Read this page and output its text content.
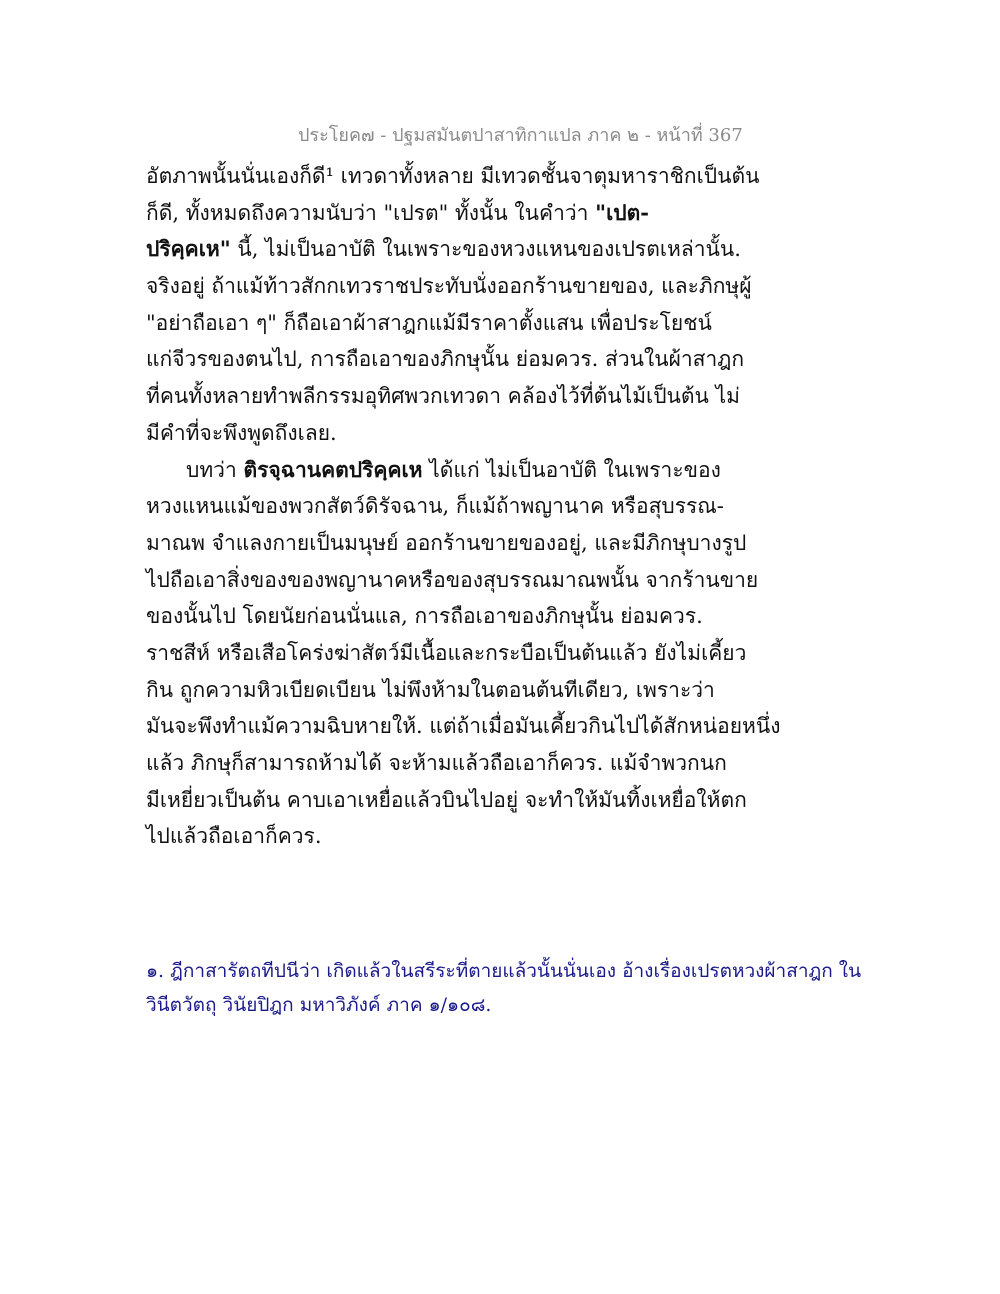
ประโยค๗ - ปฐมสมันตปาสาทิกาแปล ภาค ๒ - หน้าที่ 367
อัตภาพนั้นนั่นเองก็ดี¹ เทวดาทั้งหลาย มีเทวดชั้นจาตุมหาราชิกเป็นต้น
ก็ดี, ทั้งหมดถึงความนับว่า "เปรต" ทั้งนั้น ในคำว่า "เปต-
ปริคฺคเห" นี้, ไม่เป็นอาบัติ ในเพราะของหวงแหนของเปรตเหล่านั้น.
จริงอยู่ ถ้าแม้ท้าวสักกเทวราชประทับนั่งออกร้านขายของ, และภิกษุผู้
"อย่าถือเอา ๆ" ก็ถือเอาผ้าสาฎกแม้มีราคาตั้งแสน เพื่อประโยชน์
แก่จีวรของตนไป, การถือเอาของภิกษุนั้น ย่อมควร. ส่วนในผ้าสาฎก
ที่คนทั้งหลายทำพลีกรรมอุทิศพวกเทวดา คล้องไว้ที่ต้นไม้เป็นต้น ไม่
มีคำที่จะพึงพูดถึงเลย.
บทว่า ติรจฺฉานคตปริคฺคเห ได้แก่ ไม่เป็นอาบัติ ในเพราะของ
หวงแหนแม้ของพวกสัตว์ดิรัจฉาน, ก็แม้ถ้าพญานาค หรือสุบรรณ-
มาณพ จำแลงกายเป็นมนุษย์ ออกร้านขายของอยู่, และมีภิกษุบางรูป
ไปถือเอาสิ่งของของพญานาคหรือของสุบรรณมาณพนั้น จากร้านขาย
ของนั้นไป โดยนัยก่อนนั่นแล, การถือเอาของภิกษุนั้น ย่อมควร.
ราชสีห์ หรือเสือโคร่งฆ่าสัตว์มีเนื้อและกระบือเป็นต้นแล้ว ยังไม่เคี้ยว
กิน ถูกความหิวเบียดเบียน ไม่พึงห้ามในตอนต้นทีเดียว, เพราะว่า
มันจะพึงทำแม้ความฉิบหายให้. แต่ถ้าเมื่อมันเคี้ยวกินไปได้สักหน่อยหนึ่ง
แล้ว ภิกษุก็สามารถห้ามได้ จะห้ามแล้วถือเอาก็ควร. แม้จำพวกนก
มีเหยี่ยวเป็นต้น คาบเอาเหยื่อแล้วบินไปอยู่ จะทำให้มันทิ้งเหยื่อให้ตก
ไปแล้วถือเอาก็ควร.
๑. ฎีกาสารัตถทีปนีว่า เกิดแล้วในสรีระที่ตายแล้วนั้นนั่นเอง อ้างเรื่องเปรตหวงผ้าสาฎก ใน
วินีตวัตถุ วินัยปิฎก มหาวิภังค์ ภาค ๑/๑๐๘.
